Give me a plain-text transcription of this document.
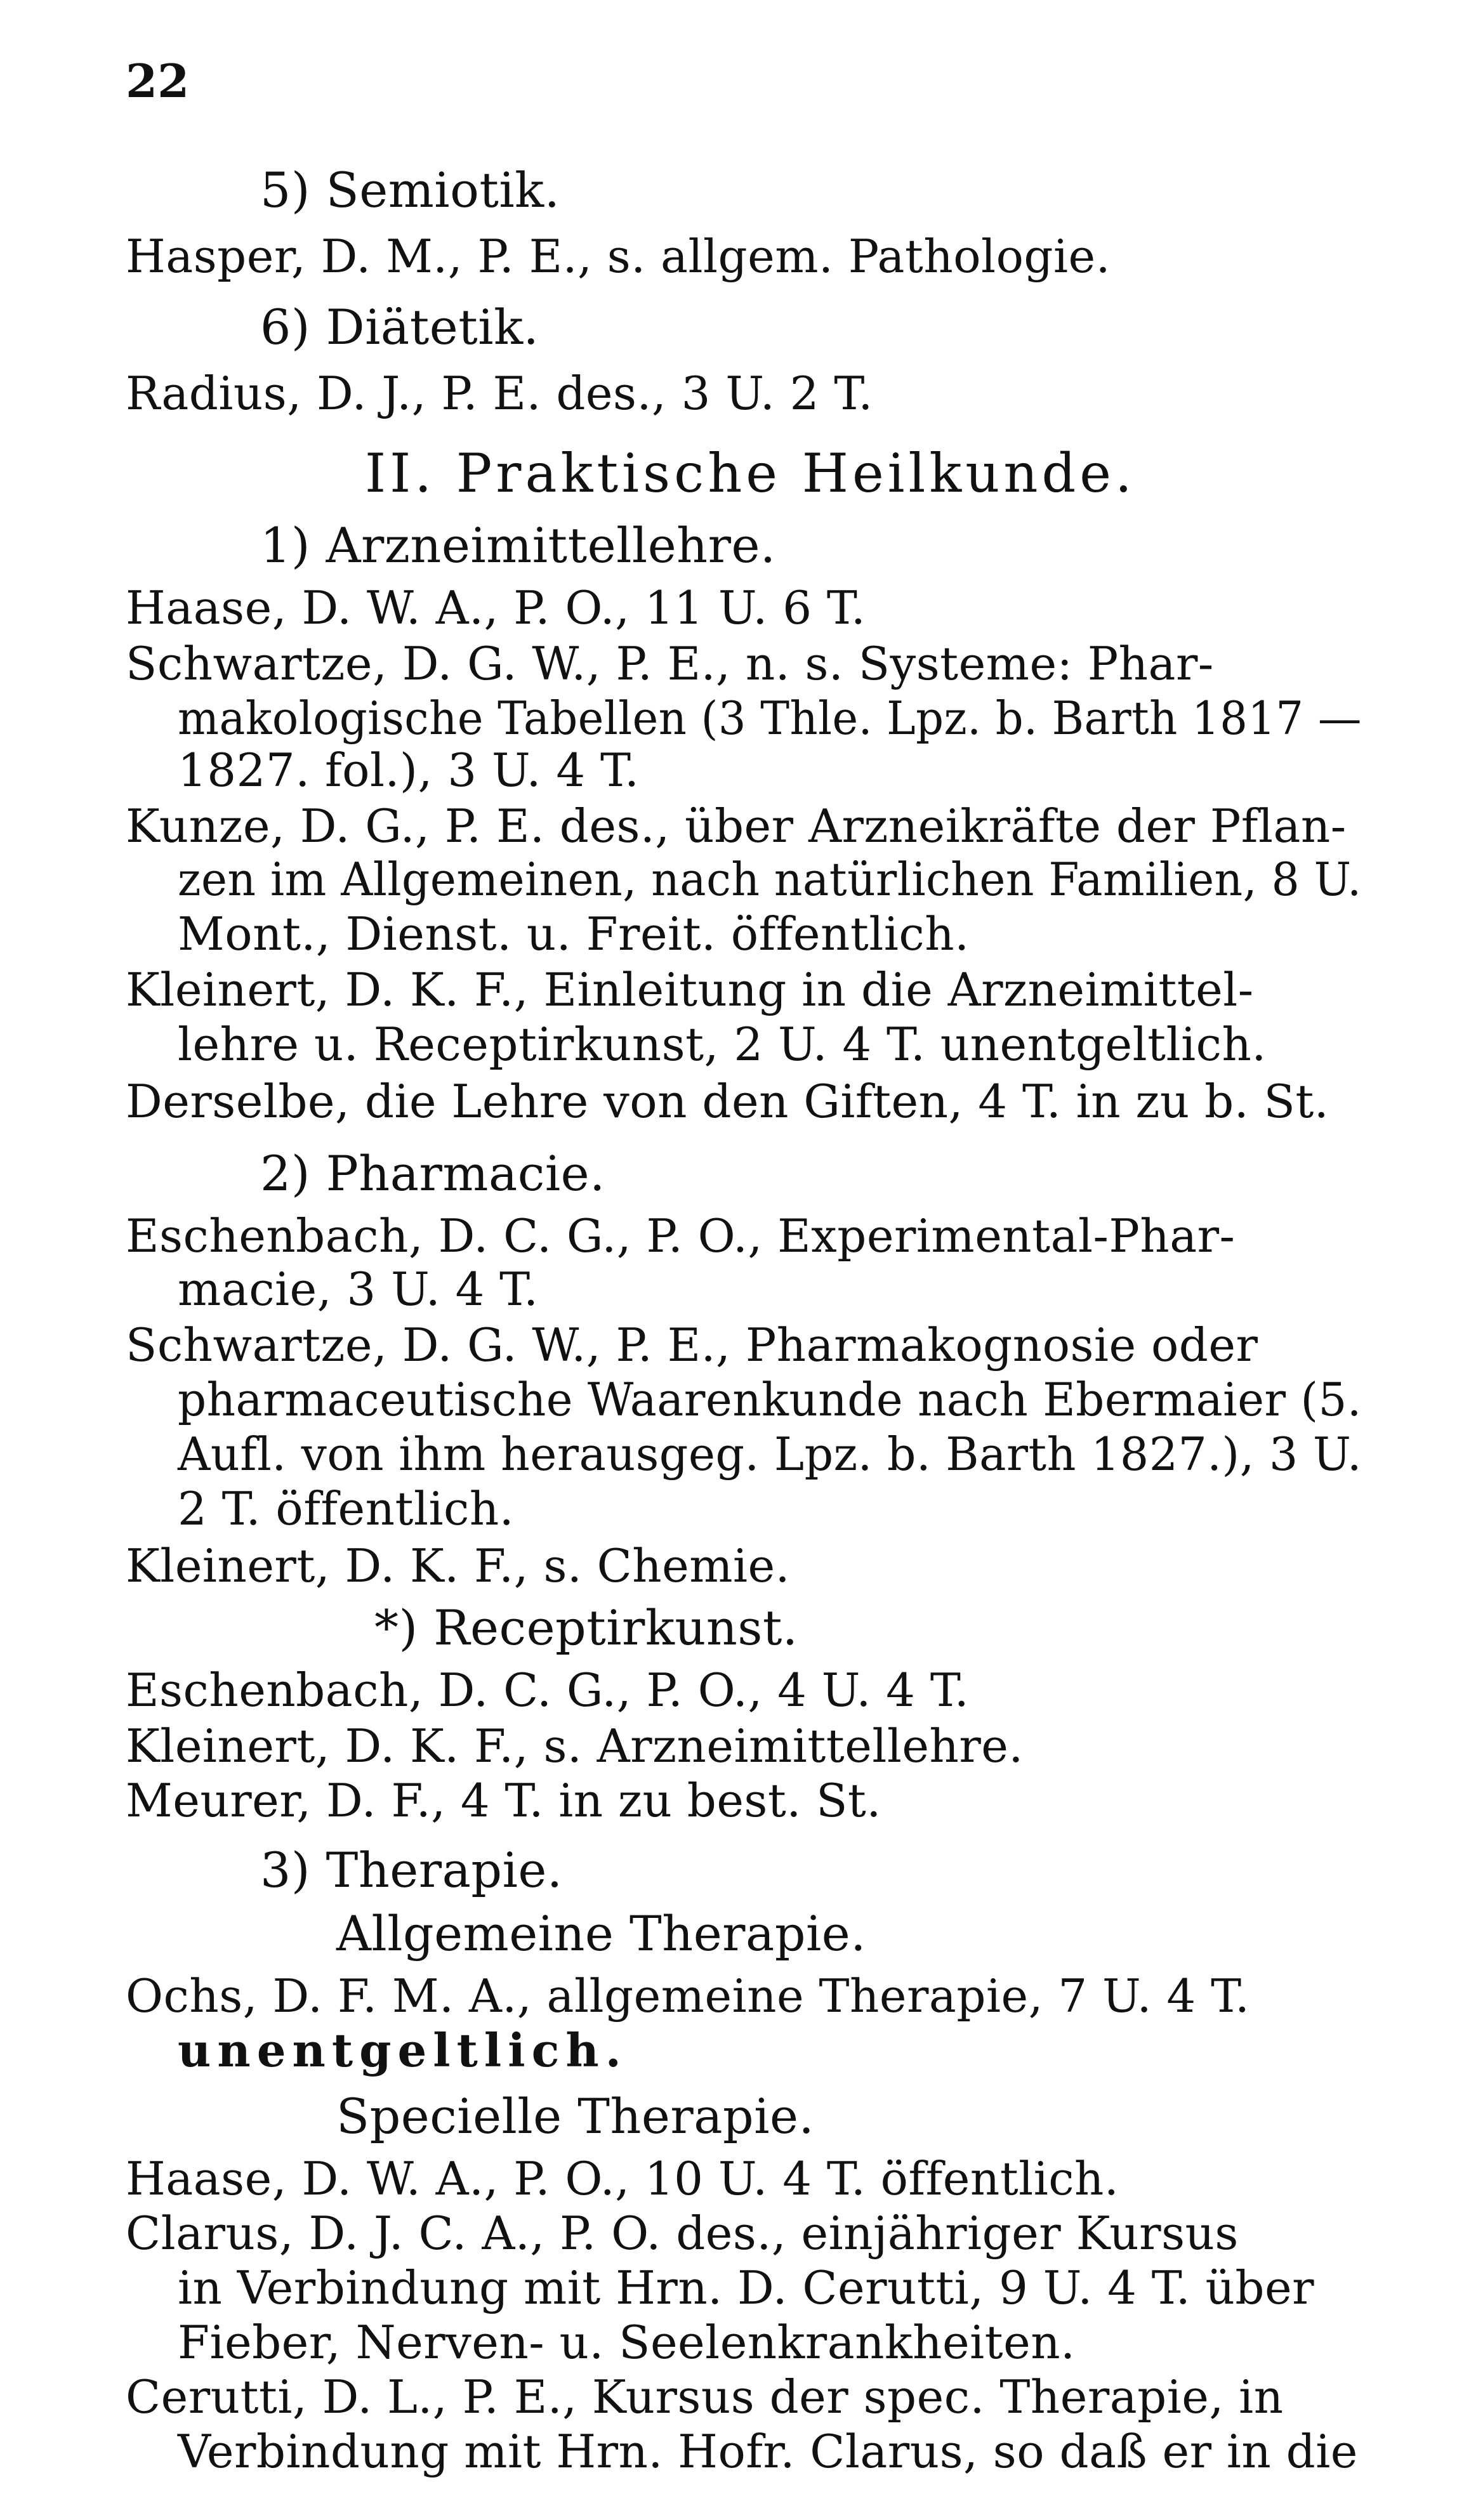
22
5) Semiotik.
Hasper, D. M., P. E., s. allgem. Pathologie.
6) Diätetik.
Radius, D. J., P. E. des., 3 U. 2 T.
II. Praktische Heilkunde.
1) Arzneimittellehre.
Haase, D. W. A., P. O., 11 U. 6 T.
Schwartze, D. G. W., P. E., n. s. Systeme: Phar-
makologische Tabellen (3 Thle. Lpz. b. Barth 1817 —
1827. fol.), 3 U. 4 T.
Kunze, D. G., P. E. des., über Arzneikräfte der Pflan-
zen im Allgemeinen, nach natürlichen Familien, 8 U.
Mont., Dienst. u. Freit. öffentlich.
Kleinert, D. K. F., Einleitung in die Arzneimittel-
lehre u. Receptirkunst, 2 U. 4 T. unentgeltlich.
Derselbe, die Lehre von den Giften, 4 T. in zu b. St.
2) Pharmacie.
Eschenbach, D. C. G., P. O., Experimental-Phar-
macie, 3 U. 4 T.
Schwartze, D. G. W., P. E., Pharmakognosie oder
pharmaceutische Waarenkunde nach Ebermaier (5.
Aufl. von ihm herausgeg. Lpz. b. Barth 1827.), 3 U.
2 T. öffentlich.
Kleinert, D. K. F., s. Chemie.
*) Receptirkunst.
Eschenbach, D. C. G., P. O., 4 U. 4 T.
Kleinert, D. K. F., s. Arzneimittellehre.
Meurer, D. F., 4 T. in zu best. St.
3) Therapie.
Allgemeine Therapie.
Ochs, D. F. M. A., allgemeine Therapie, 7 U. 4 T.
unentgeltlich.
Specielle Therapie.
Haase, D. W. A., P. O., 10 U. 4 T. öffentlich.
Clarus, D. J. C. A., P. O. des., einjähriger Kursus
in Verbindung mit Hrn. D. Cerutti, 9 U. 4 T. über
Fieber, Nerven- u. Seelenkrankheiten.
Cerutti, D. L., P. E., Kursus der spec. Therapie, in
Verbindung mit Hrn. Hofr. Clarus, so daß er in die
